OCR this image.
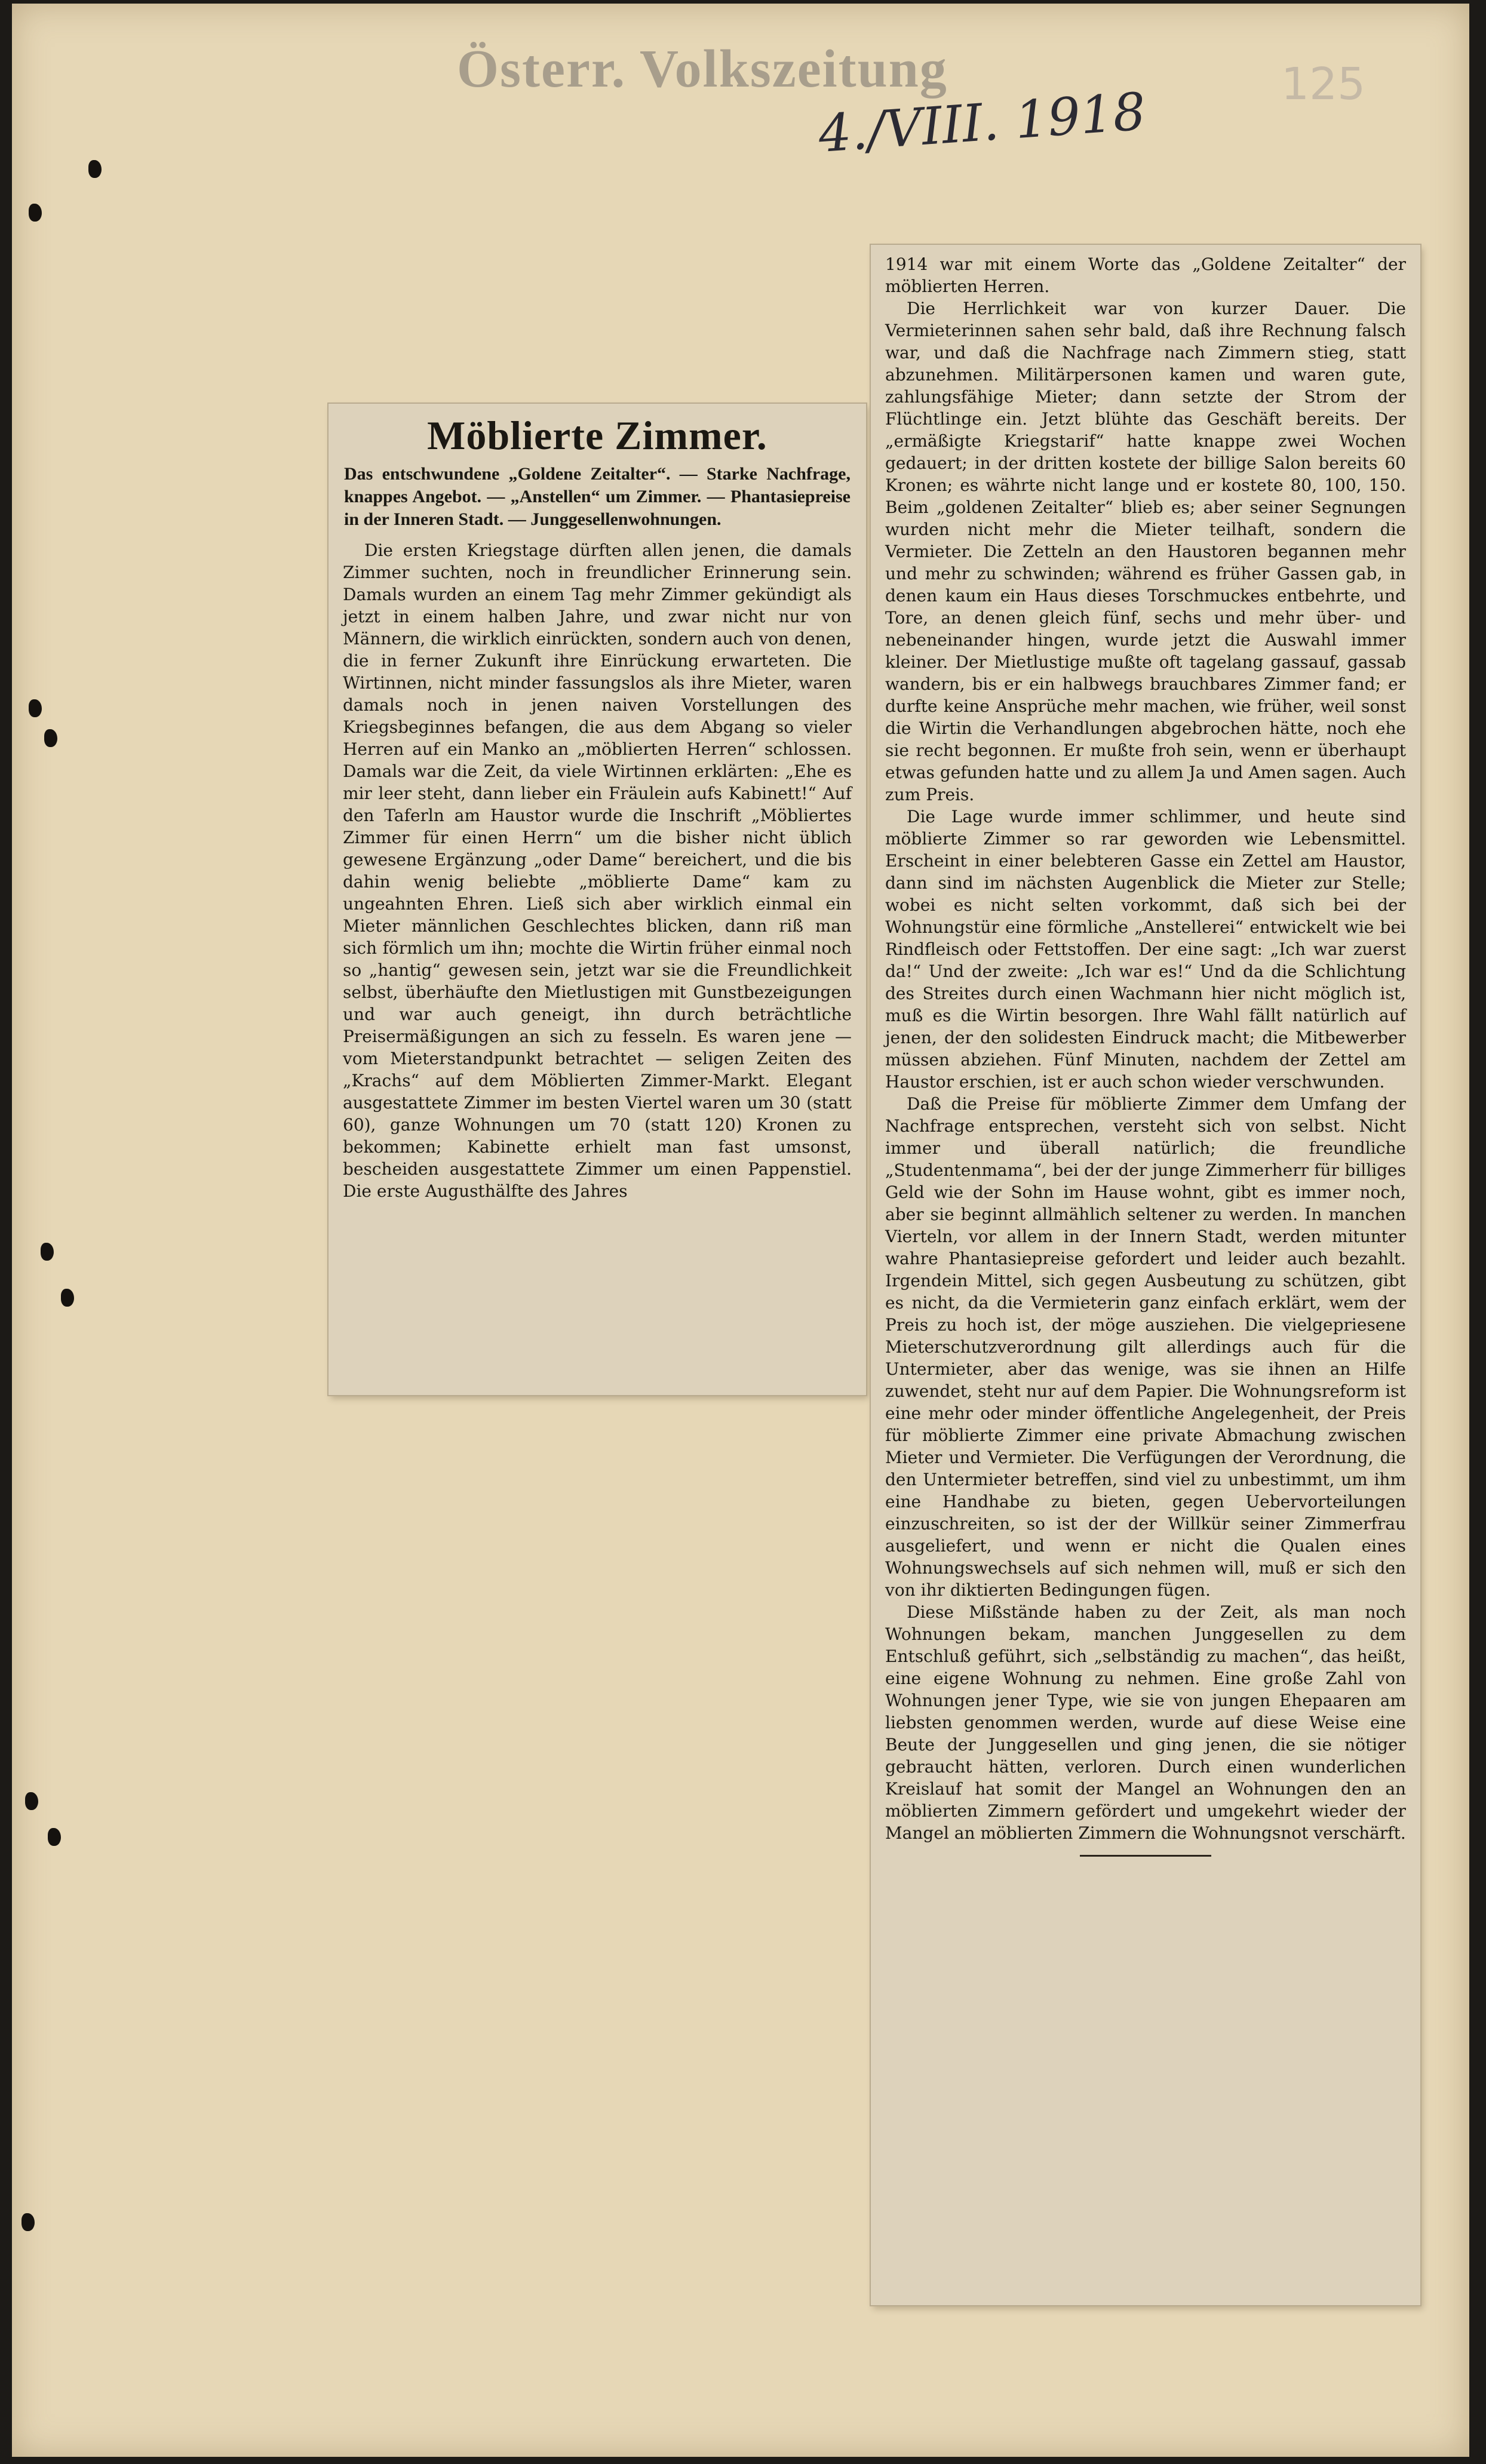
Österr. Volkszeitung
4./VIII. 1918	125
Möblierte Zimmer.
Das entschwundene „Goldene Zeitalter“. — Starke Nachfrage, knappes Angebot. — „Anstellen“ um Zimmer. — Phantasiepreise in der Inneren Stadt. — Junggesellenwohnungen.

Die ersten Kriegstage dürften allen jenen, die damals Zimmer suchten, noch in freundlicher Erinnerung sein. Damals wurden an einem Tag mehr Zimmer gekündigt als jetzt in einem halben Jahre, und zwar nicht nur von Männern, die wirklich einrückten, sondern auch von denen, die in ferner Zukunft ihre Einrückung erwarteten. Die Wirtinnen, nicht minder fassungslos als ihre Mieter, waren damals noch in jenen naiven Vorstellungen des Kriegsbeginnes befangen, die aus dem Abgang so vieler Herren auf ein Manko an „möblierten Herren“ schlossen. Damals war die Zeit, da viele Wirtinnen erklärten: „Ehe es mir leer steht, dann lieber ein Fräulein aufs Kabinett!“ Auf den Taferln am Haustor wurde die Inschrift „Möbliertes Zimmer für einen Herrn“ um die bisher nicht üblich gewesene Ergänzung „oder Dame“ bereichert, und die bis dahin wenig beliebte „möblierte Dame“ kam zu ungeahnten Ehren. Ließ sich aber wirklich einmal ein Mieter männlichen Geschlechtes blicken, dann riß man sich förmlich um ihn; mochte die Wirtin früher einmal noch so „hantig“ gewesen sein, jetzt war sie die Freundlichkeit selbst, überhäufte den Mietlustigen mit Gunstbezeigungen und war auch geneigt, ihn durch beträchtliche Preisermäßigungen an sich zu fesseln. Es waren jene — vom Mieterstandpunkt betrachtet — seligen Zeiten des „Krachs“ auf dem Möblierten Zimmer-Markt. Elegant ausgestattete Zimmer im besten Viertel waren um 30 (statt 60), ganze Wohnungen um 70 (statt 120) Kronen zu bekommen; Kabinette erhielt man fast umsonst, bescheiden ausgestattete Zimmer um einen Pappenstiel. Die erste Augusthälfte des Jahres

1914 war mit einem Worte das „Goldene Zeitalter“ der möblierten Herren.

Die Herrlichkeit war von kurzer Dauer. Die Vermieterinnen sahen sehr bald, daß ihre Rechnung falsch war, und daß die Nachfrage nach Zimmern stieg, statt abzunehmen. Militärpersonen kamen und waren gute, zahlungsfähige Mieter; dann setzte der Strom der Flüchtlinge ein. Jetzt blühte das Geschäft bereits. Der „ermäßigte Kriegstarif“ hatte knappe zwei Wochen gedauert; in der dritten kostete der billige Salon bereits 60 Kronen; es währte nicht lange und er kostete 80, 100, 150. Beim „goldenen Zeitalter“ blieb es; aber seiner Segnungen wurden nicht mehr die Mieter teilhaft, sondern die Vermieter. Die Zetteln an den Haustoren begannen mehr und mehr zu schwinden; während es früher Gassen gab, in denen kaum ein Haus dieses Torschmuckes entbehrte, und Tore, an denen gleich fünf, sechs und mehr über- und nebeneinander hingen, wurde jetzt die Auswahl immer kleiner. Der Mietlustige mußte oft tagelang gassauf, gassab wandern, bis er ein halbwegs brauchbares Zimmer fand; er durfte keine Ansprüche mehr machen, wie früher, weil sonst die Wirtin die Verhandlungen abgebrochen hätte, noch ehe sie recht begonnen. Er mußte froh sein, wenn er überhaupt etwas gefunden hatte und zu allem Ja und Amen sagen. Auch zum Preis.

Die Lage wurde immer schlimmer, und heute sind möblierte Zimmer so rar geworden wie Lebensmittel. Erscheint in einer belebteren Gasse ein Zettel am Haustor, dann sind im nächsten Augenblick die Mieter zur Stelle; wobei es nicht selten vorkommt, daß sich bei der Wohnungstür eine förmliche „Anstellerei“ entwickelt wie bei Rindfleisch oder Fettstoffen. Der eine sagt: „Ich war zuerst da!“ Und der zweite: „Ich war es!“ Und da die Schlichtung des Streites durch einen Wachmann hier nicht möglich ist, muß es die Wirtin besorgen. Ihre Wahl fällt natürlich auf jenen, der den solidesten Eindruck macht; die Mitbewerber müssen abziehen. Fünf Minuten, nachdem der Zettel am Haustor erschien, ist er auch schon wieder verschwunden.

Daß die Preise für möblierte Zimmer dem Umfang der Nachfrage entsprechen, versteht sich von selbst. Nicht immer und überall natürlich; die freundliche „Studentenmama“, bei der der junge Zimmerherr für billiges Geld wie der Sohn im Hause wohnt, gibt es immer noch, aber sie beginnt allmählich seltener zu werden. In manchen Vierteln, vor allem in der Innern Stadt, werden mitunter wahre Phantasiepreise gefordert und leider auch bezahlt. Irgendein Mittel, sich gegen Ausbeutung zu schützen, gibt es nicht, da die Vermieterin ganz einfach erklärt, wem der Preis zu hoch ist, der möge ausziehen. Die vielgepriesene Mieterschutzverordnung gilt allerdings auch für die Untermieter, aber das wenige, was sie ihnen an Hilfe zuwendet, steht nur auf dem Papier. Die Wohnungsreform ist eine mehr oder minder öffentliche Angelegenheit, der Preis für möblierte Zimmer eine private Abmachung zwischen Mieter und Vermieter. Die Verfügungen der Verordnung, die den Untermieter betreffen, sind viel zu unbestimmt, um ihm eine Handhabe zu bieten, gegen Uebervorteilungen einzuschreiten, so ist der der Willkür seiner Zimmerfrau ausgeliefert, und wenn er nicht die Qualen eines Wohnungswechsels auf sich nehmen will, muß er sich den von ihr diktierten Bedingungen fügen.

Diese Mißstände haben zu der Zeit, als man noch Wohnungen bekam, manchen Junggesellen zu dem Entschluß geführt, sich „selbständig zu machen“, das heißt, eine eigene Wohnung zu nehmen. Eine große Zahl von Wohnungen jener Type, wie sie von jungen Ehepaaren am liebsten genommen werden, wurde auf diese Weise eine Beute der Junggesellen und ging jenen, die sie nötiger gebraucht hätten, verloren. Durch einen wunderlichen Kreislauf hat somit der Mangel an Wohnungen den an möblierten Zimmern gefördert und umgekehrt wieder der Mangel an möblierten Zimmern die Wohnungsnot verschärft.
